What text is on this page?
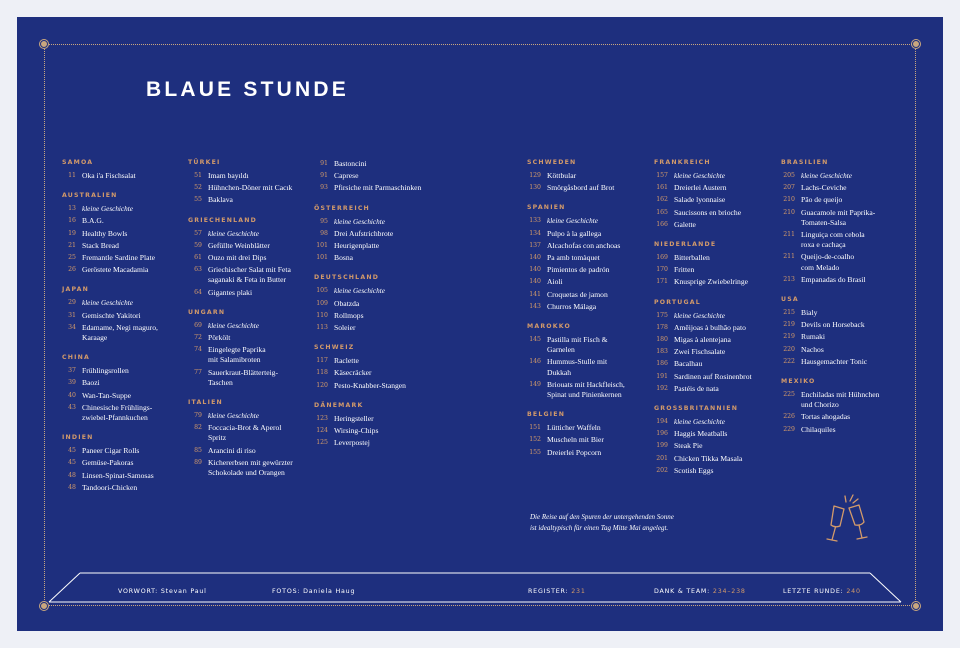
BLAUE STUNDE
SAMOA
11 Oka i'a Fischsalat
AUSTRALIEN
13 kleine Geschichte
16 B.A.G.
19 Healthy Bowls
21 Stack Bread
25 Fremantle Sardine Plate
26 Geröstete Macadamia
JAPAN
29 kleine Geschichte
31 Gemischte Yakitori
34 Edamame, Negi maguro,
Karaage
CHINA
37 Frühlingsrollen
39 Baozi
40 Wan-Tan-Suppe
43 Chinesische Frühlings-
zwiebel-Pfannkuchen
INDIEN
45 Paneer Cigar Rolls
45 Gemüse-Pakoras
48 Linsen-Spinat-Samosas
48 Tandoori-Chicken
TÜRKEI
51 Imam bayıldı
52 Hühnchen-Döner mit Cacık
55 Baklava
GRIECHENLAND
57 kleine Geschichte
59 Gefüllte Weinblätter
61 Ouzo mit drei Dips
63 Griechischer Salat mit Feta
saganaki & Feta in Butter
64 Gigantes plaki
UNGARN
69 kleine Geschichte
72 Pörkölt
74 Eingelegte Paprika
mit Salamibroten
77 Sauerkraut-Blätterteig-
Taschen
ITALIEN
79 kleine Geschichte
82 Foccacia-Brot & Aperol
Spritz
85 Arancini di riso
89 Kichererbsen mit gewürzter
Schokolade und Orangen
91 Bastoncini
91 Caprese
93 Pfirsiche mit Parmaschinken
ÖSTERREICH
95 kleine Geschichte
98 Drei Aufstrichbrote
101 Heurigenplatte
101 Bosna
DEUTSCHLAND
105 kleine Geschichte
109 Obatzda
110 Rollmops
113 Soleier
SCHWEIZ
117 Raclette
118 Käsecräcker
120 Pesto-Knabber-Stangen
DÄNEMARK
123 Heringsteller
124 Wirsing-Chips
125 Leverpostej
SCHWEDEN
129 Köttbular
130 Smörgåsbord auf Brot
SPANIEN
133 kleine Geschichte
134 Pulpo à la gallega
137 Alcachofas con anchoas
140 Pa amb tomàquet
140 Pimientos de padrón
140 Aioli
141 Croquetas de jamon
143 Churros Málaga
MAROKKO
145 Pastilla mit Fisch &
Garnelen
146 Hummus-Stulle mit
Dukkah
149 Briouats mit Hackfleisch,
Spinat und Pinienkernen
BELGIEN
151 Lütticher Waffeln
152 Muscheln mit Bier
155 Dreierlei Popcorn
FRANKREICH
157 kleine Geschichte
161 Dreierlei Austern
162 Salade lyonnaise
165 Saucissons en brioche
166 Galette
NIEDERLANDE
169 Bitterballen
170 Fritten
171 Knusprige Zwiebelringe
PORTUGAL
175 kleine Geschichte
178 Amêijoas à bulhão pato
180 Migas à alentejana
183 Zwei Fischsalate
186 Bacalhau
191 Sardinen auf Rosinenbrot
192 Pastéis de nata
GROSSBRITANNIEN
194 kleine Geschichte
196 Haggis Meatballs
199 Steak Pie
201 Chicken Tikka Masala
202 Scotish Eggs
BRASILIEN
205 kleine Geschichte
207 Lachs-Ceviche
210 Pão de queijo
210 Guacamole mit Paprika-
Tomaten-Salsa
211 Linguiça com cebola
roxa e cachaça
211 Queijo-de-coalho
com Melado
213 Empanadas do Brasil
USA
215 Bialy
219 Devils on Horseback
219 Rumaki
220 Nachos
222 Hausgemachter Tonic
MEXIKO
225 Enchiladas mit Hühnchen
und Chorizo
226 Tortas ahogadas
229 Chilaquiles
Die Reise auf den Spuren der untergehenden Sonne
ist idealtypisch für einen Tag Mitte Mai angelegt.
VORWORT: Stevan Paul	FOTOS: Daniela Haug	REGISTER: 231	DANK & TEAM: 234–238	LETZTE RUNDE: 240
